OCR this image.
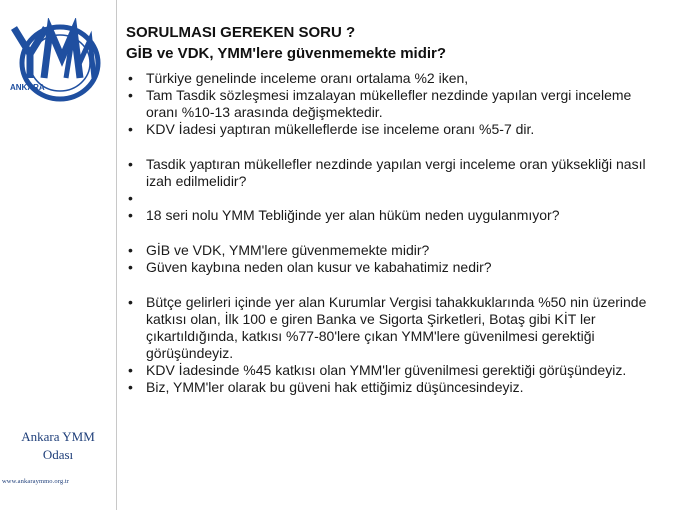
ANKARA
Ankara YMM
Odası
www.ankaraymmo.org.tr
SORULMASI GEREKEN SORU ?
GİB ve VDK, YMM'lere güvenmemekte midir?
• Türkiye genelinde inceleme oranı ortalama %2 iken,
• Tam Tasdik sözleşmesi imzalayan mükellefler nezdinde yapılan vergi inceleme oranı %10-13 arasında değişmektedir.
• KDV İadesi yaptıran mükelleflerde ise inceleme oranı %5-7 dir.
• Tasdik yaptıran mükellefler nezdinde yapılan vergi inceleme oran yüksekliği nasıl izah edilmelidir?
•
• 18 seri nolu YMM Tebliğinde yer alan hüküm neden uygulanmıyor?
• GİB ve VDK, YMM'lere güvenmemekte midir?
• Güven kaybına neden olan kusur ve kabahatimiz nedir?
• Bütçe gelirleri içinde yer alan Kurumlar Vergisi tahakkuklarında %50 nin üzerinde katkısı olan, İlk 100 e giren Banka ve Sigorta Şirketleri, Botaş gibi KİT ler çıkartıldığında, katkısı %77-80'lere çıkan YMM'lere güvenilmesi gerektiği görüşündeyiz.
• KDV İadesinde %45 katkısı olan YMM'ler güvenilmesi gerektiği görüşündeyiz.
• Biz, YMM'ler olarak bu güveni hak ettiğimiz düşüncesindeyiz.
